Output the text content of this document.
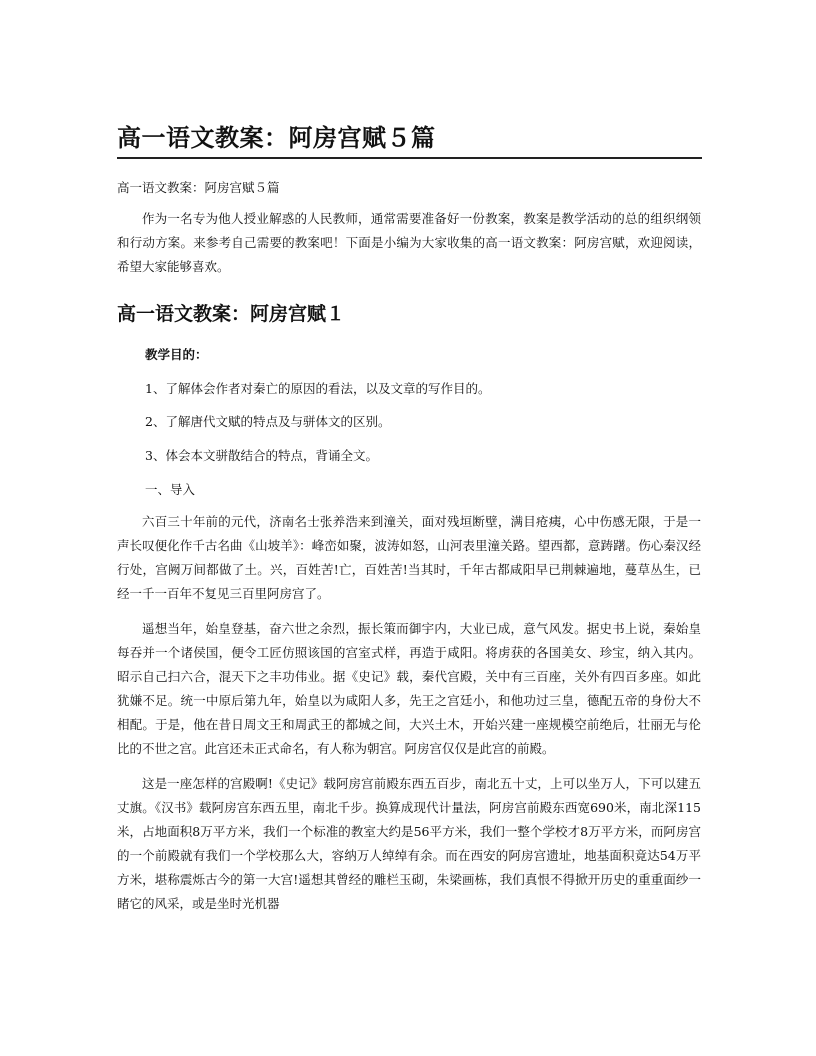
高一语文教案：阿房宫赋５篇
高一语文教案：阿房宫赋５篇

作为一名专为他人授业解惑的人民教师，通常需要准备好一份教案，教案是教学活动的总的组织纲领和行动方案。来参考自己需要的教案吧！下面是小编为大家收集的高一语文教案：阿房宫赋，欢迎阅读，希望大家能够喜欢。

高一语文教案：阿房宫赋１
教学目的：
1、了解体会作者对秦亡的原因的看法，以及文章的写作目的。
2、了解唐代文赋的特点及与骈体文的区别。
3、体会本文骈散结合的特点，背诵全文。
一、导入

六百三十年前的元代，济南名士张养浩来到潼关，面对残垣断壁，满目疮痍，心中伤感无限，于是一声长叹便化作千古名曲《山坡羊》：峰峦如聚，波涛如怒，山河表里潼关路。望西都，意踌躇。伤心秦汉经行处，宫阙万间都做了土。兴，百姓苦!亡，百姓苦!当其时，千年古都咸阳早已荆棘遍地，蔓草丛生，已经一千一百年不复见三百里阿房宫了。

遥想当年，始皇登基，奋六世之余烈，振长策而御宇内，大业已成，意气风发。据史书上说，秦始皇每吞并一个诸侯国，便令工匠仿照该国的宫室式样，再造于咸阳。将虏获的各国美女、珍宝，纳入其内。昭示自己扫六合，混天下之丰功伟业。据《史记》载，秦代宫殿，关中有三百座，关外有四百多座。如此犹嫌不足。统一中原后第九年，始皇以为咸阳人多，先王之宫廷小，和他功过三皇，德配五帝的身份大不相配。于是，他在昔日周文王和周武王的都城之间，大兴土木，开始兴建一座规模空前绝后，壮丽无与伦比的不世之宫。此宫还未正式命名，有人称为朝宫。阿房宫仅仅是此宫的前殿。

这是一座怎样的宫殿啊!《史记》载阿房宫前殿东西五百步，南北五十丈，上可以坐万人，下可以建五丈旗。《汉书》载阿房宫东西五里，南北千步。换算成现代计量法，阿房宫前殿东西宽690米，南北深115米，占地面积8万平方米，我们一个标准的教室大约是56平方米，我们一整个学校才8万平方米，而阿房宫的一个前殿就有我们一个学校那么大，容纳万人绰绰有余。而在西安的阿房宫遗址，地基面积竟达54万平方米，堪称震烁古今的第一大宫!遥想其曾经的雕栏玉砌，朱梁画栋，我们真恨不得掀开历史的重重面纱一睹它的风采，或是坐时光机器
